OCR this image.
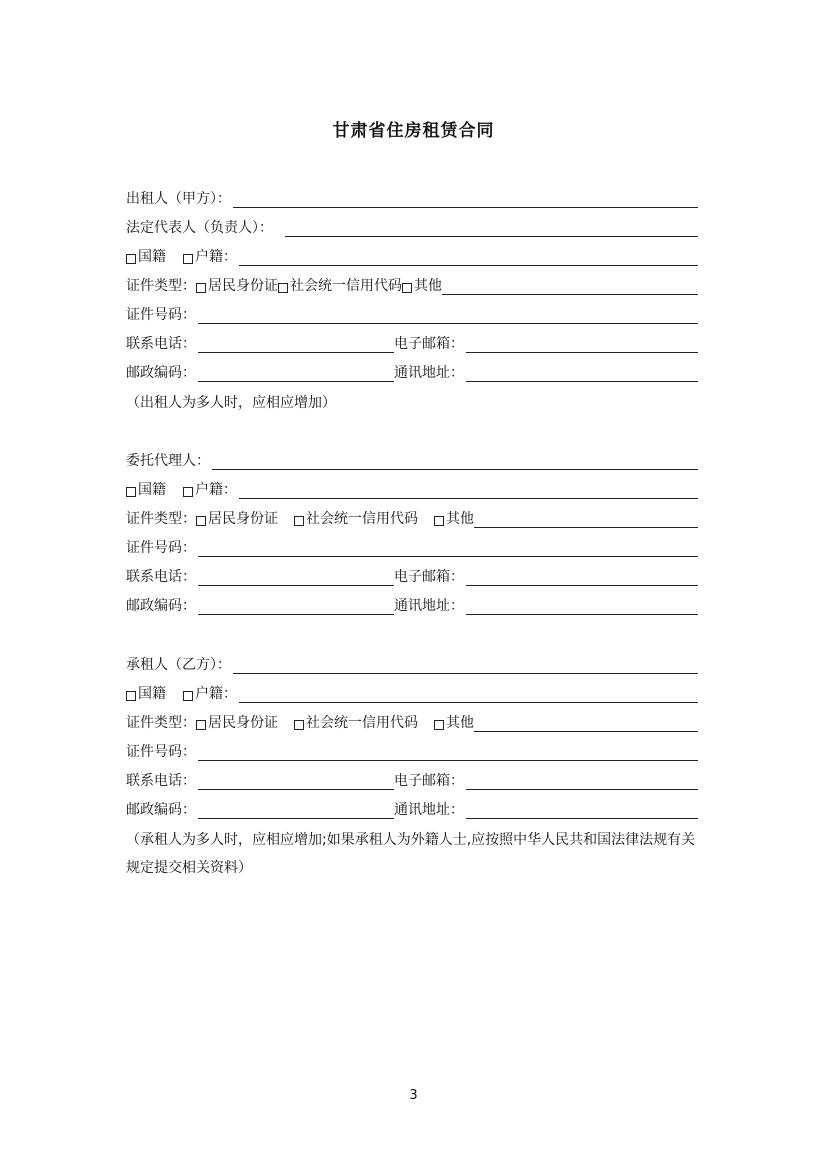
甘肃省住房租赁合同
出租人（甲方）：
法定代表人（负责人）：
国籍 户籍：
证件类型： 居民身份证 社会统一信用代码 其他
证件号码：
联系电话：	电子邮箱：
邮政编码：	通讯地址：
（出租人为多人时，应相应增加）
委托代理人：
国籍 户籍：
证件类型： 居民身份证 社会统一信用代码 其他
证件号码：
联系电话：	电子邮箱：
邮政编码：	通讯地址：
承租人（乙方）：
国籍 户籍：
证件类型： 居民身份证 社会统一信用代码 其他
证件号码：
联系电话：	电子邮箱：
邮政编码：	通讯地址：
（承租人为多人时，应相应增加;如果承租人为外籍人士,应按照中华人民共和国法律法规有关规定提交相关资料）
3
